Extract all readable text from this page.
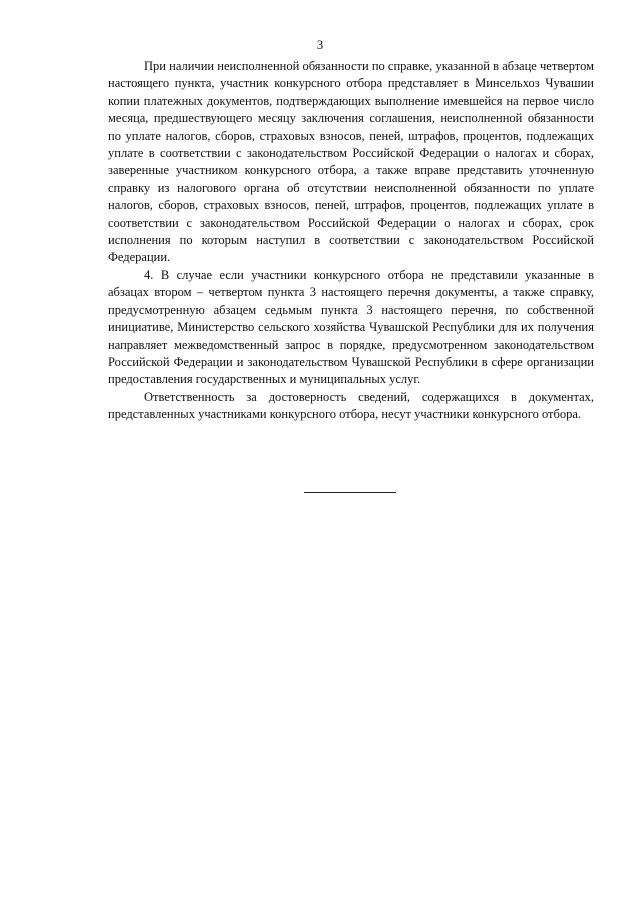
3

При наличии неисполненной обязанности по справке, указанной в абзаце четвертом настоящего пункта, участник конкурсного отбора представляет в Минсельхоз Чувашии копии платежных документов, подтверждающих выполнение имевшейся на первое число месяца, предшествующего месяцу заключения соглашения, неисполненной обязанности по уплате налогов, сборов, страховых взносов, пеней, штрафов, процентов, подлежащих уплате в соответствии с законодательством Российской Федерации о налогах и сборах, заверенные участником конкурсного отбора, а также вправе представить уточненную справку из налогового органа об отсутствии неисполненной обязанности по уплате налогов, сборов, страховых взносов, пеней, штрафов, процентов, подлежащих уплате в соответствии с законодательством Российской Федерации о налогах и сборах, срок исполнения по которым наступил в соответствии с законодательством Российской Федерации.

4. В случае если участники конкурсного отбора не представили указанные в абзацах втором – четвертом пункта 3 настоящего перечня документы, а также справку, предусмотренную абзацем седьмым пункта 3 настоящего перечня, по собственной инициативе, Министерство сельского хозяйства Чувашской Республики для их получения направляет межведомственный запрос в порядке, предусмотренном законодательством Российской Федерации и законодательством Чувашской Республики в сфере организации предоставления государственных и муниципальных услуг.

Ответственность за достоверность сведений, содержащихся в документах, представленных участниками конкурсного отбора, несут участники конкурсного отбора.
